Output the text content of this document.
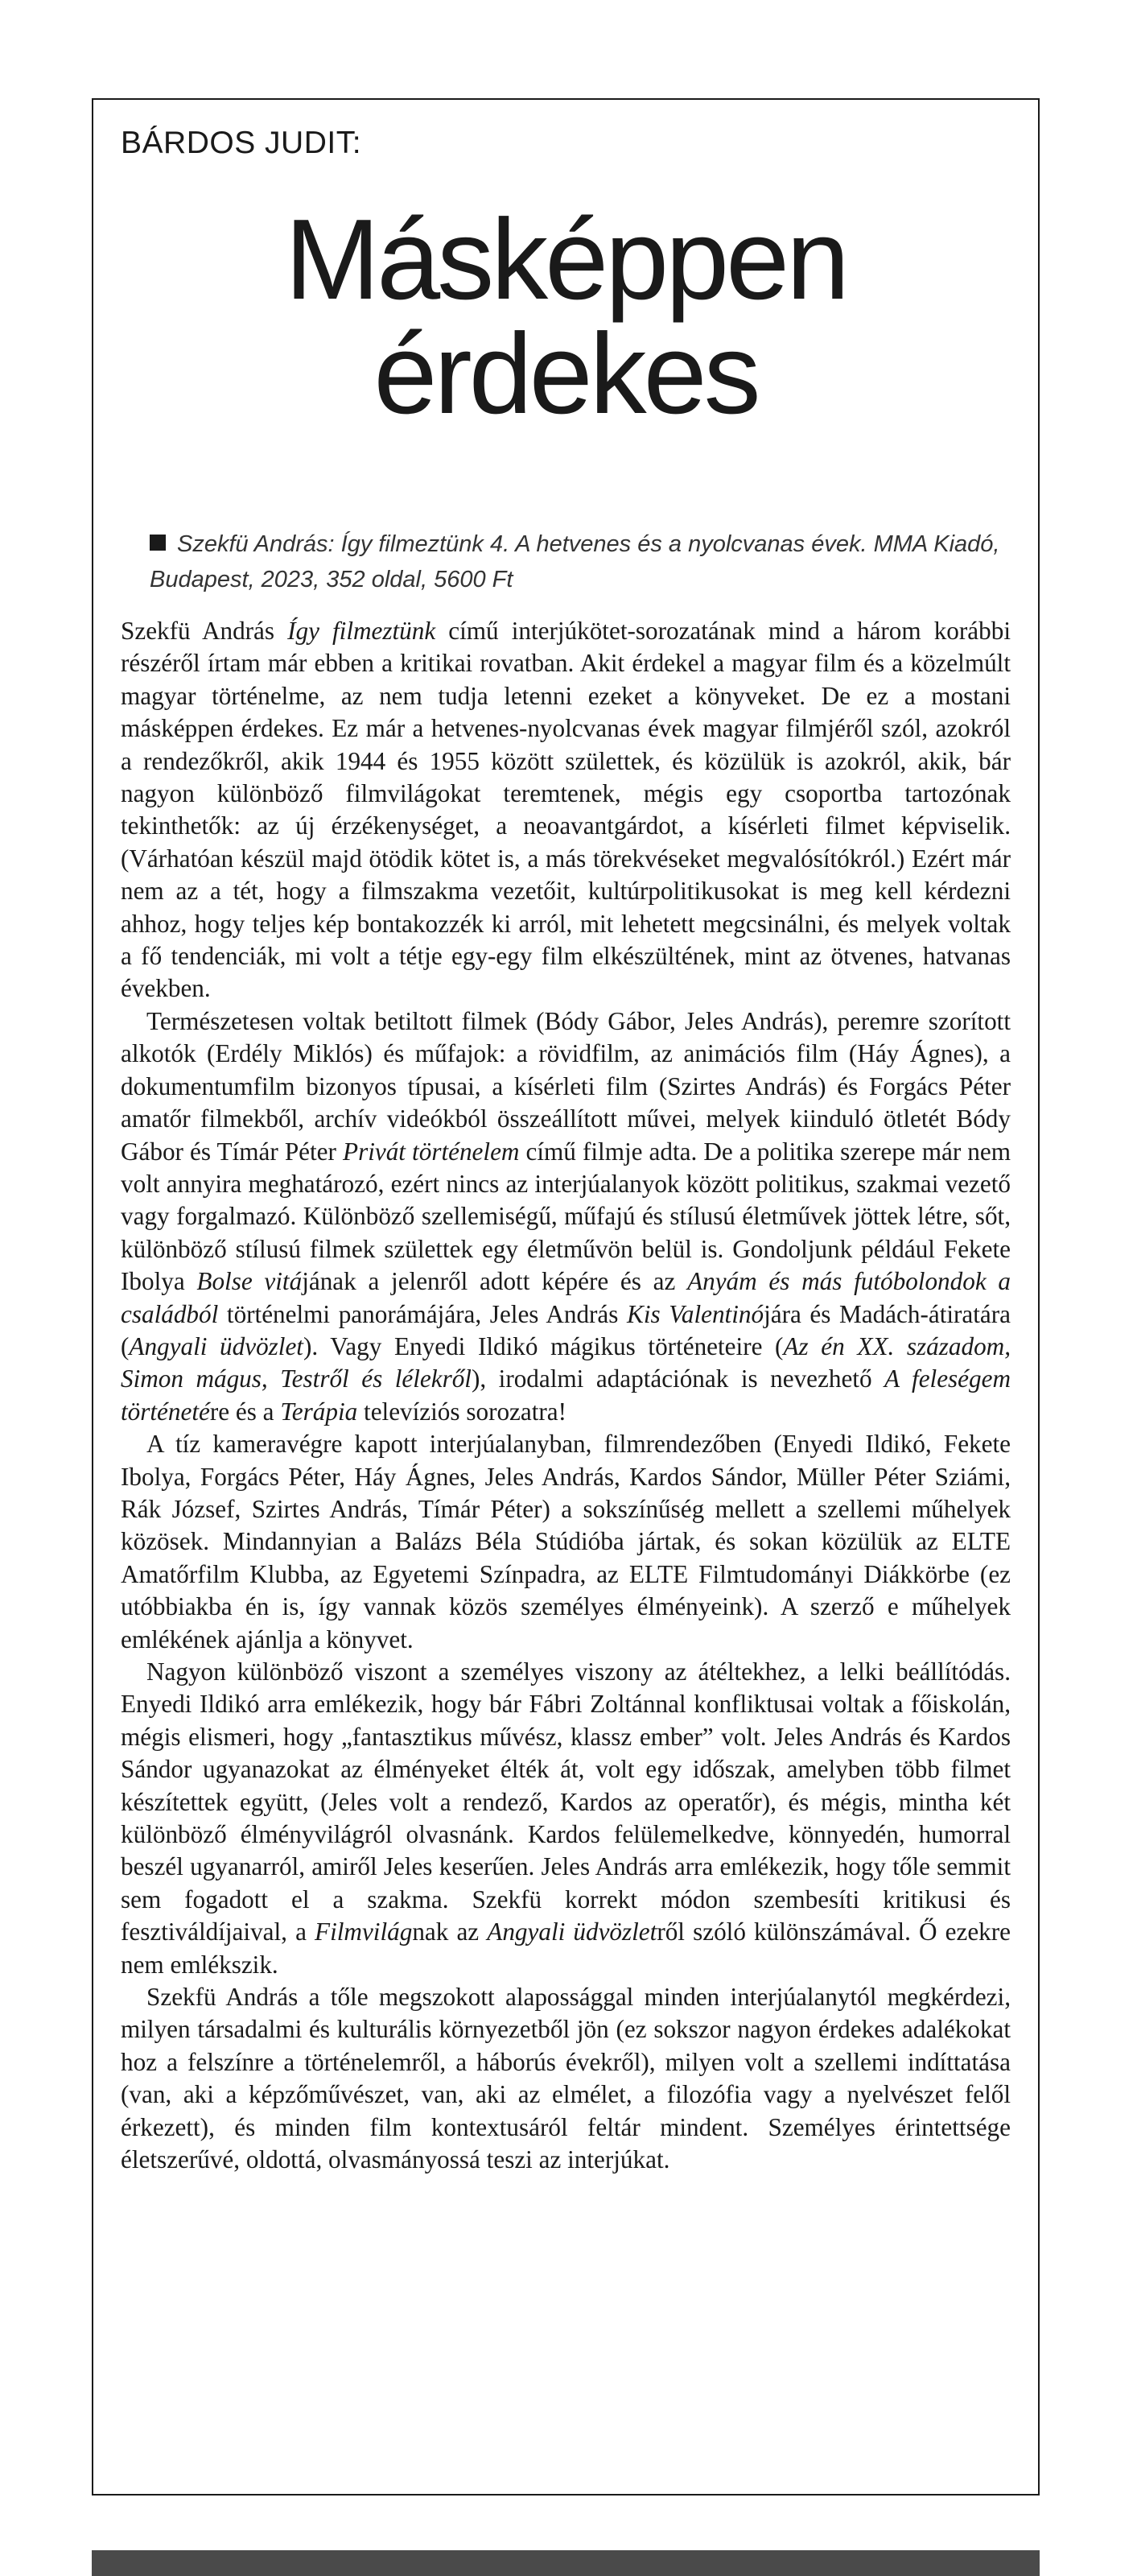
BÁRDOS JUDIT:
Másképpen
érdekes
Szekfü András: Így filmeztünk 4. A hetvenes és a nyolcvanas évek. MMA Kiadó, Budapest, 2023, 352 oldal, 5600 Ft

Szekfü András Így filmeztünk című interjúkötet-sorozatának mind a három korábbi részéről írtam már ebben a kritikai rovatban. Akit érdekel a magyar film és a közelmúlt magyar történelme, az nem tudja letenni ezeket a könyveket. De ez a mostani másképpen érdekes. Ez már a hetvenes-nyolcvanas évek magyar filmjéről szól, azokról a rendezőkről, akik 1944 és 1955 között születtek, és közülük is azokról, akik, bár nagyon különböző filmvilágokat teremtenek, mégis egy csoportba tartozónak tekinthetők: az új érzékenységet, a neoavantgárdot, a kísérleti filmet képviselik. (Várhatóan készül majd ötödik kötet is, a más törekvéseket megvalósítókról.) Ezért már nem az a tét, hogy a filmszakma vezetőit, kultúrpolitikusokat is meg kell kérdezni ahhoz, hogy teljes kép bontakozzék ki arról, mit lehetett megcsinálni, és melyek voltak a fő tendenciák, mi volt a tétje egy-egy film elkészültének, mint az ötvenes, hatvanas években.

Természetesen voltak betiltott filmek (Bódy Gábor, Jeles András), peremre szorított alkotók (Erdély Miklós) és műfajok: a rövidfilm, az animációs film (Háy Ágnes), a dokumentumfilm bizonyos típusai, a kísérleti film (Szirtes András) és Forgács Péter amatőr filmekből, archív videókból összeállított művei, melyek kiinduló ötletét Bódy Gábor és Tímár Péter Privát történelem című filmje adta. De a politika szerepe már nem volt annyira meghatározó, ezért nincs az interjúalanyok között politikus, szakmai vezető vagy forgalmazó. Különböző szellemiségű, műfajú és stílusú életművek jöttek létre, sőt, különböző stílusú filmek születtek egy életművön belül is. Gondoljunk például Fekete Ibolya Bolse vitájának a jelenről adott képére és az Anyám és más futóbolondok a családból történelmi panorámájára, Jeles András Kis Valentinójára és Madách-átiratára (Angyali üdvözlet). Vagy Enyedi Ildikó mágikus történeteire (Az én XX. századom, Simon mágus, Testről és lélekről), irodalmi adaptációnak is nevezhető A feleségem történetére és a Terápia televíziós sorozatra!

A tíz kameravégre kapott interjúalanyban, filmrendezőben (Enyedi Ildikó, Fekete Ibolya, Forgács Péter, Háy Ágnes, Jeles András, Kardos Sándor, Müller Péter Sziámi, Rák József, Szirtes András, Tímár Péter) a sokszínűség mellett a szellemi műhelyek közösek. Mindannyian a Balázs Béla Stúdióba jártak, és sokan közülük az ELTE Amatőrfilm Klubba, az Egyetemi Színpadra, az ELTE Filmtudományi Diákkörbe (ez utóbbiakba én is, így vannak közös személyes élményeink). A szerző e műhelyek emlékének ajánlja a könyvet.

Nagyon különböző viszont a személyes viszony az átéltekhez, a lelki beállítódás. Enyedi Ildikó arra emlékezik, hogy bár Fábri Zoltánnal konfliktusai voltak a főiskolán, mégis elismeri, hogy „fantasztikus művész, klassz ember” volt. Jeles András és Kardos Sándor ugyanazokat az élményeket élték át, volt egy időszak, amelyben több filmet készítettek együtt, (Jeles volt a rendező, Kardos az operatőr), és mégis, mintha két különböző élményvilágról olvasnánk. Kardos felülemelkedve, könnyedén, humorral beszél ugyanarról, amiről Jeles keserűen. Jeles András arra emlékezik, hogy tőle semmit sem fogadott el a szakma. Szekfü korrekt módon szembesíti kritikusi és fesztiváldíjaival, a Filmvilágnak az Angyali üdvözletről szóló különszámával. Ő ezekre nem emlékszik.

Szekfü András a tőle megszokott alapossággal minden interjúalanytól megkérdezi, milyen társadalmi és kulturális környezetből jön (ez sokszor nagyon érdekes adalékokat hoz a felszínre a történelemről, a háborús évekről), milyen volt a szellemi indíttatása (van, aki a képzőművészet, van, aki az elmélet, a filozófia vagy a nyelvészet felől érkezett), és minden film kontextusáról feltár mindent. Személyes érintettsége életszerűvé, oldottá, olvasmányossá teszi az interjúkat.
